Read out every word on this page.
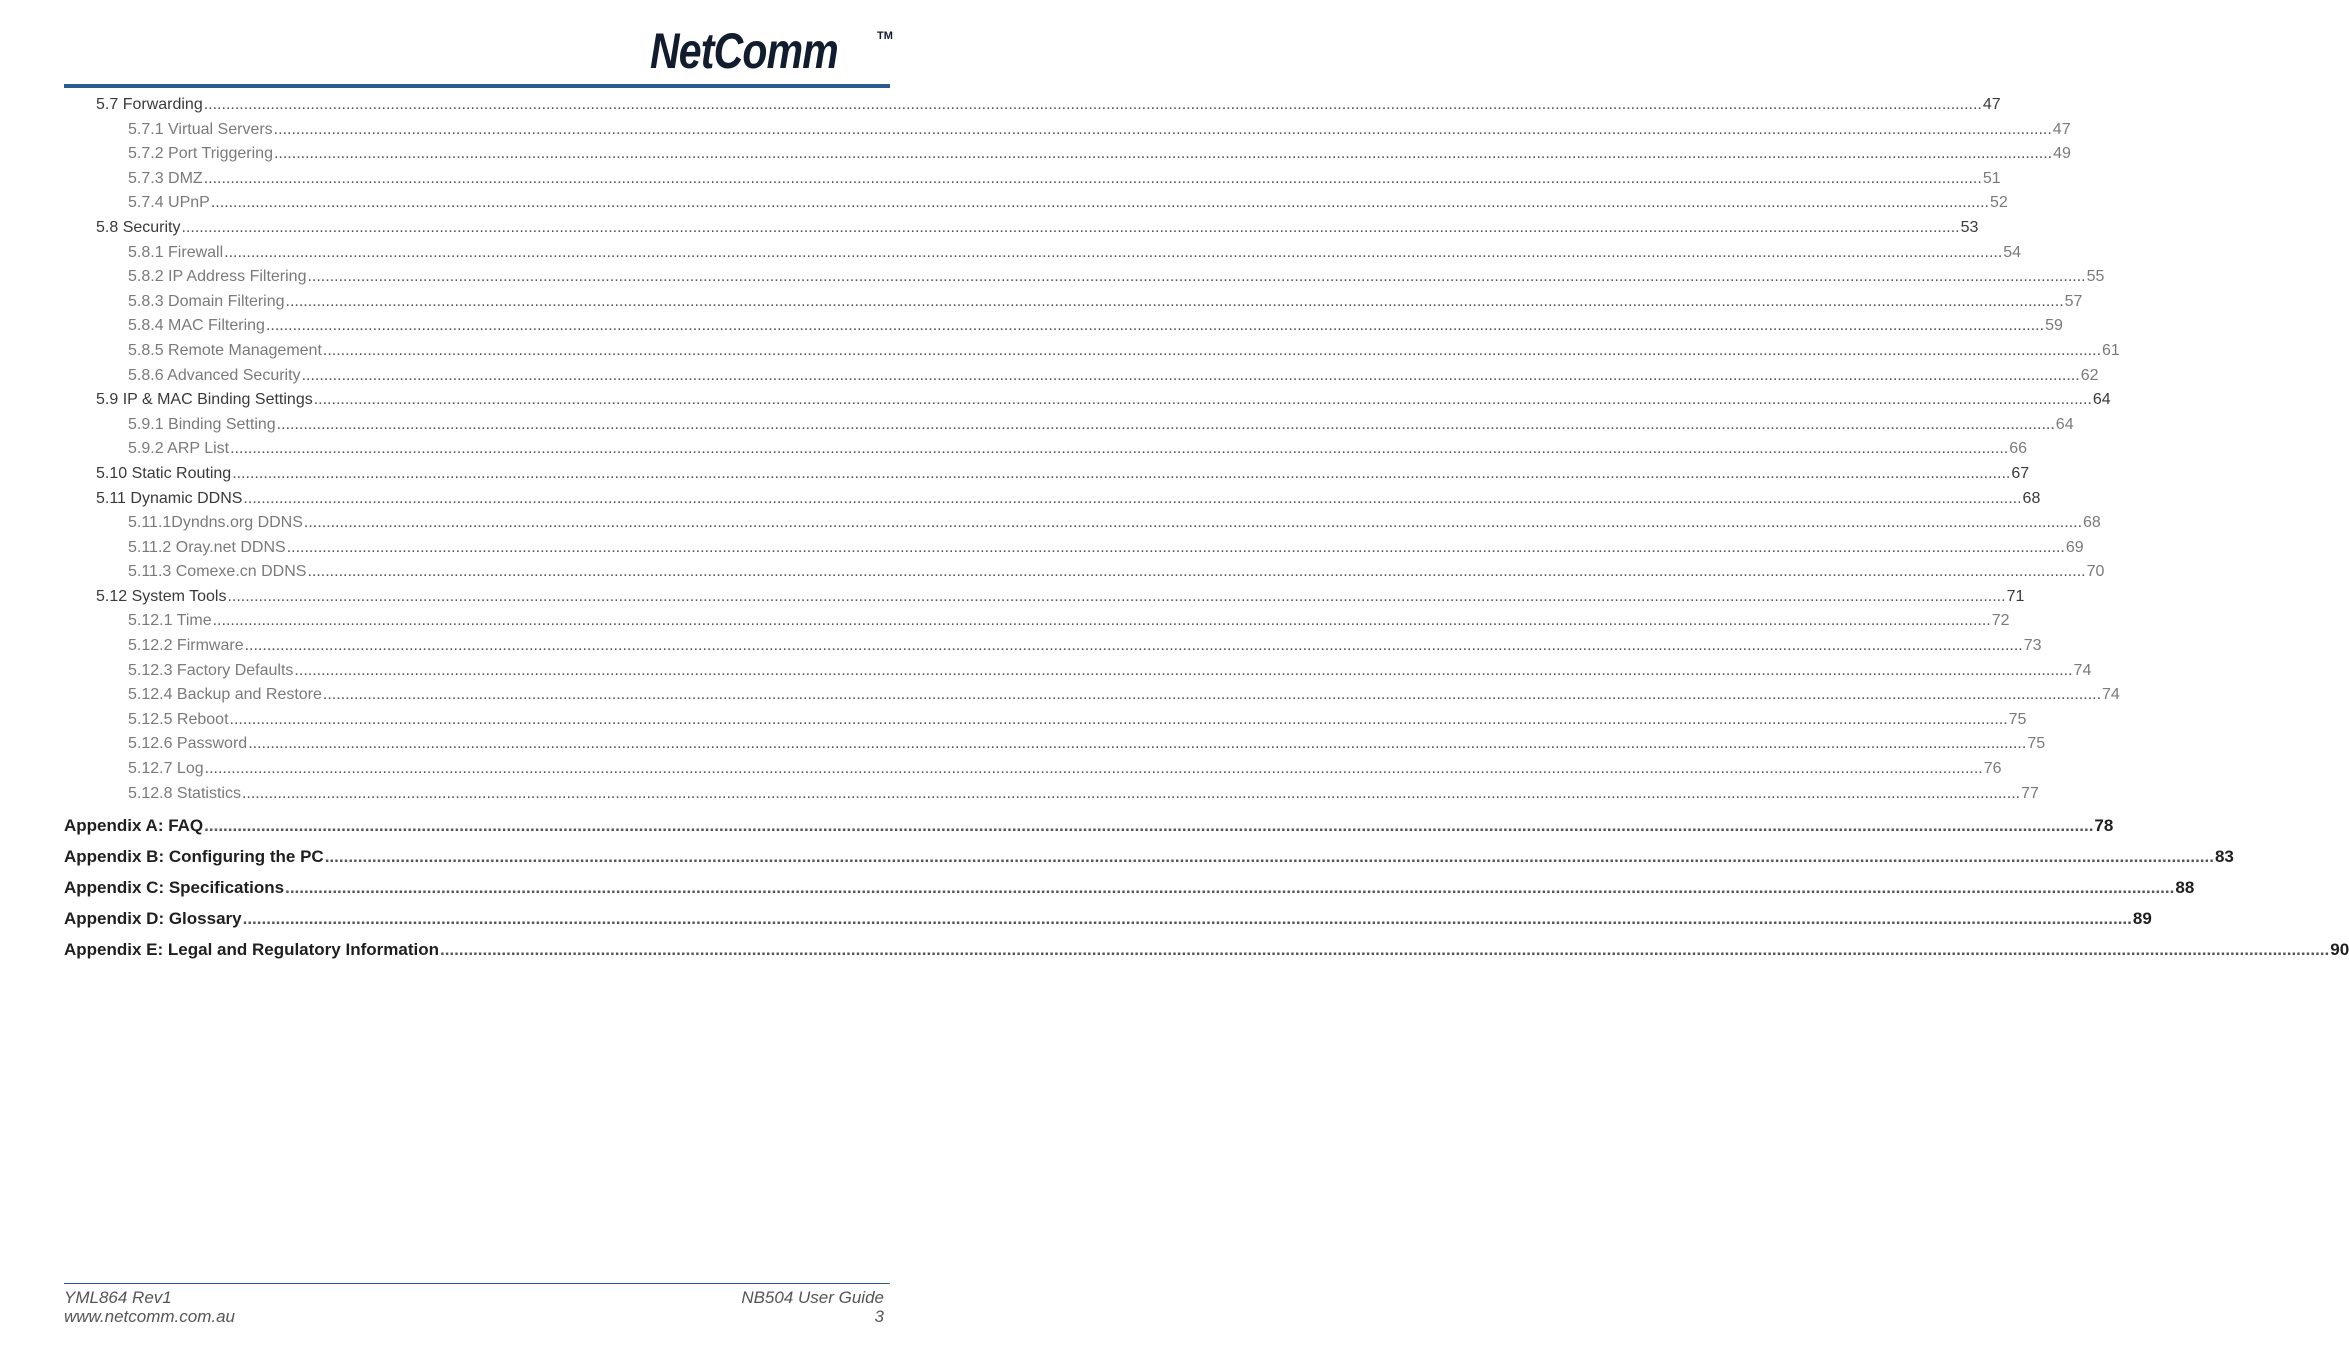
NetComm	TM
5.7 Forwarding ................................................................................................................................................................................................................................................................................................................................................................................................................ 47
5.7.1 Virtual Servers ................................................................................................................................................................................................................................................................................................................................................................................................................ 47
5.7.2 Port Triggering ................................................................................................................................................................................................................................................................................................................................................................................................................ 49
5.7.3 DMZ ................................................................................................................................................................................................................................................................................................................................................................................................................ 51
5.7.4 UPnP ................................................................................................................................................................................................................................................................................................................................................................................................................ 52
5.8 Security ................................................................................................................................................................................................................................................................................................................................................................................................................ 53
5.8.1 Firewall ................................................................................................................................................................................................................................................................................................................................................................................................................ 54
5.8.2 IP Address Filtering ................................................................................................................................................................................................................................................................................................................................................................................................................ 55
5.8.3 Domain Filtering ................................................................................................................................................................................................................................................................................................................................................................................................................ 57
5.8.4 MAC Filtering ................................................................................................................................................................................................................................................................................................................................................................................................................ 59
5.8.5 Remote Management ................................................................................................................................................................................................................................................................................................................................................................................................................ 61
5.8.6 Advanced Security ................................................................................................................................................................................................................................................................................................................................................................................................................ 62
5.9 IP & MAC Binding Settings ................................................................................................................................................................................................................................................................................................................................................................................................................ 64
5.9.1 Binding Setting ................................................................................................................................................................................................................................................................................................................................................................................................................ 64
5.9.2 ARP List ................................................................................................................................................................................................................................................................................................................................................................................................................ 66
5.10 Static Routing ................................................................................................................................................................................................................................................................................................................................................................................................................ 67
5.11 Dynamic DDNS ................................................................................................................................................................................................................................................................................................................................................................................................................ 68
5.11.1Dyndns.org DDNS ................................................................................................................................................................................................................................................................................................................................................................................................................ 68
5.11.2 Oray.net DDNS ................................................................................................................................................................................................................................................................................................................................................................................................................ 69
5.11.3 Comexe.cn DDNS ................................................................................................................................................................................................................................................................................................................................................................................................................ 70
5.12 System Tools ................................................................................................................................................................................................................................................................................................................................................................................................................ 71
5.12.1 Time ................................................................................................................................................................................................................................................................................................................................................................................................................ 72
5.12.2 Firmware ................................................................................................................................................................................................................................................................................................................................................................................................................ 73
5.12.3 Factory Defaults ................................................................................................................................................................................................................................................................................................................................................................................................................ 74
5.12.4 Backup and Restore ................................................................................................................................................................................................................................................................................................................................................................................................................ 74
5.12.5 Reboot ................................................................................................................................................................................................................................................................................................................................................................................................................ 75
5.12.6 Password ................................................................................................................................................................................................................................................................................................................................................................................................................ 75
5.12.7 Log ................................................................................................................................................................................................................................................................................................................................................................................................................ 76
5.12.8 Statistics ................................................................................................................................................................................................................................................................................................................................................................................................................ 77
Appendix A: FAQ ................................................................................................................................................................................................................................................................................................................................................................................................................ 78
Appendix B: Configuring the PC ................................................................................................................................................................................................................................................................................................................................................................................................................ 83
Appendix C: Specifications ................................................................................................................................................................................................................................................................................................................................................................................................................ 88
Appendix D: Glossary ................................................................................................................................................................................................................................................................................................................................................................................................................ 89
Appendix E: Legal and Regulatory Information ................................................................................................................................................................................................................................................................................................................................................................................................................ 90
YML864 Rev1
www.netcomm.com.au
NB504 User Guide
3
